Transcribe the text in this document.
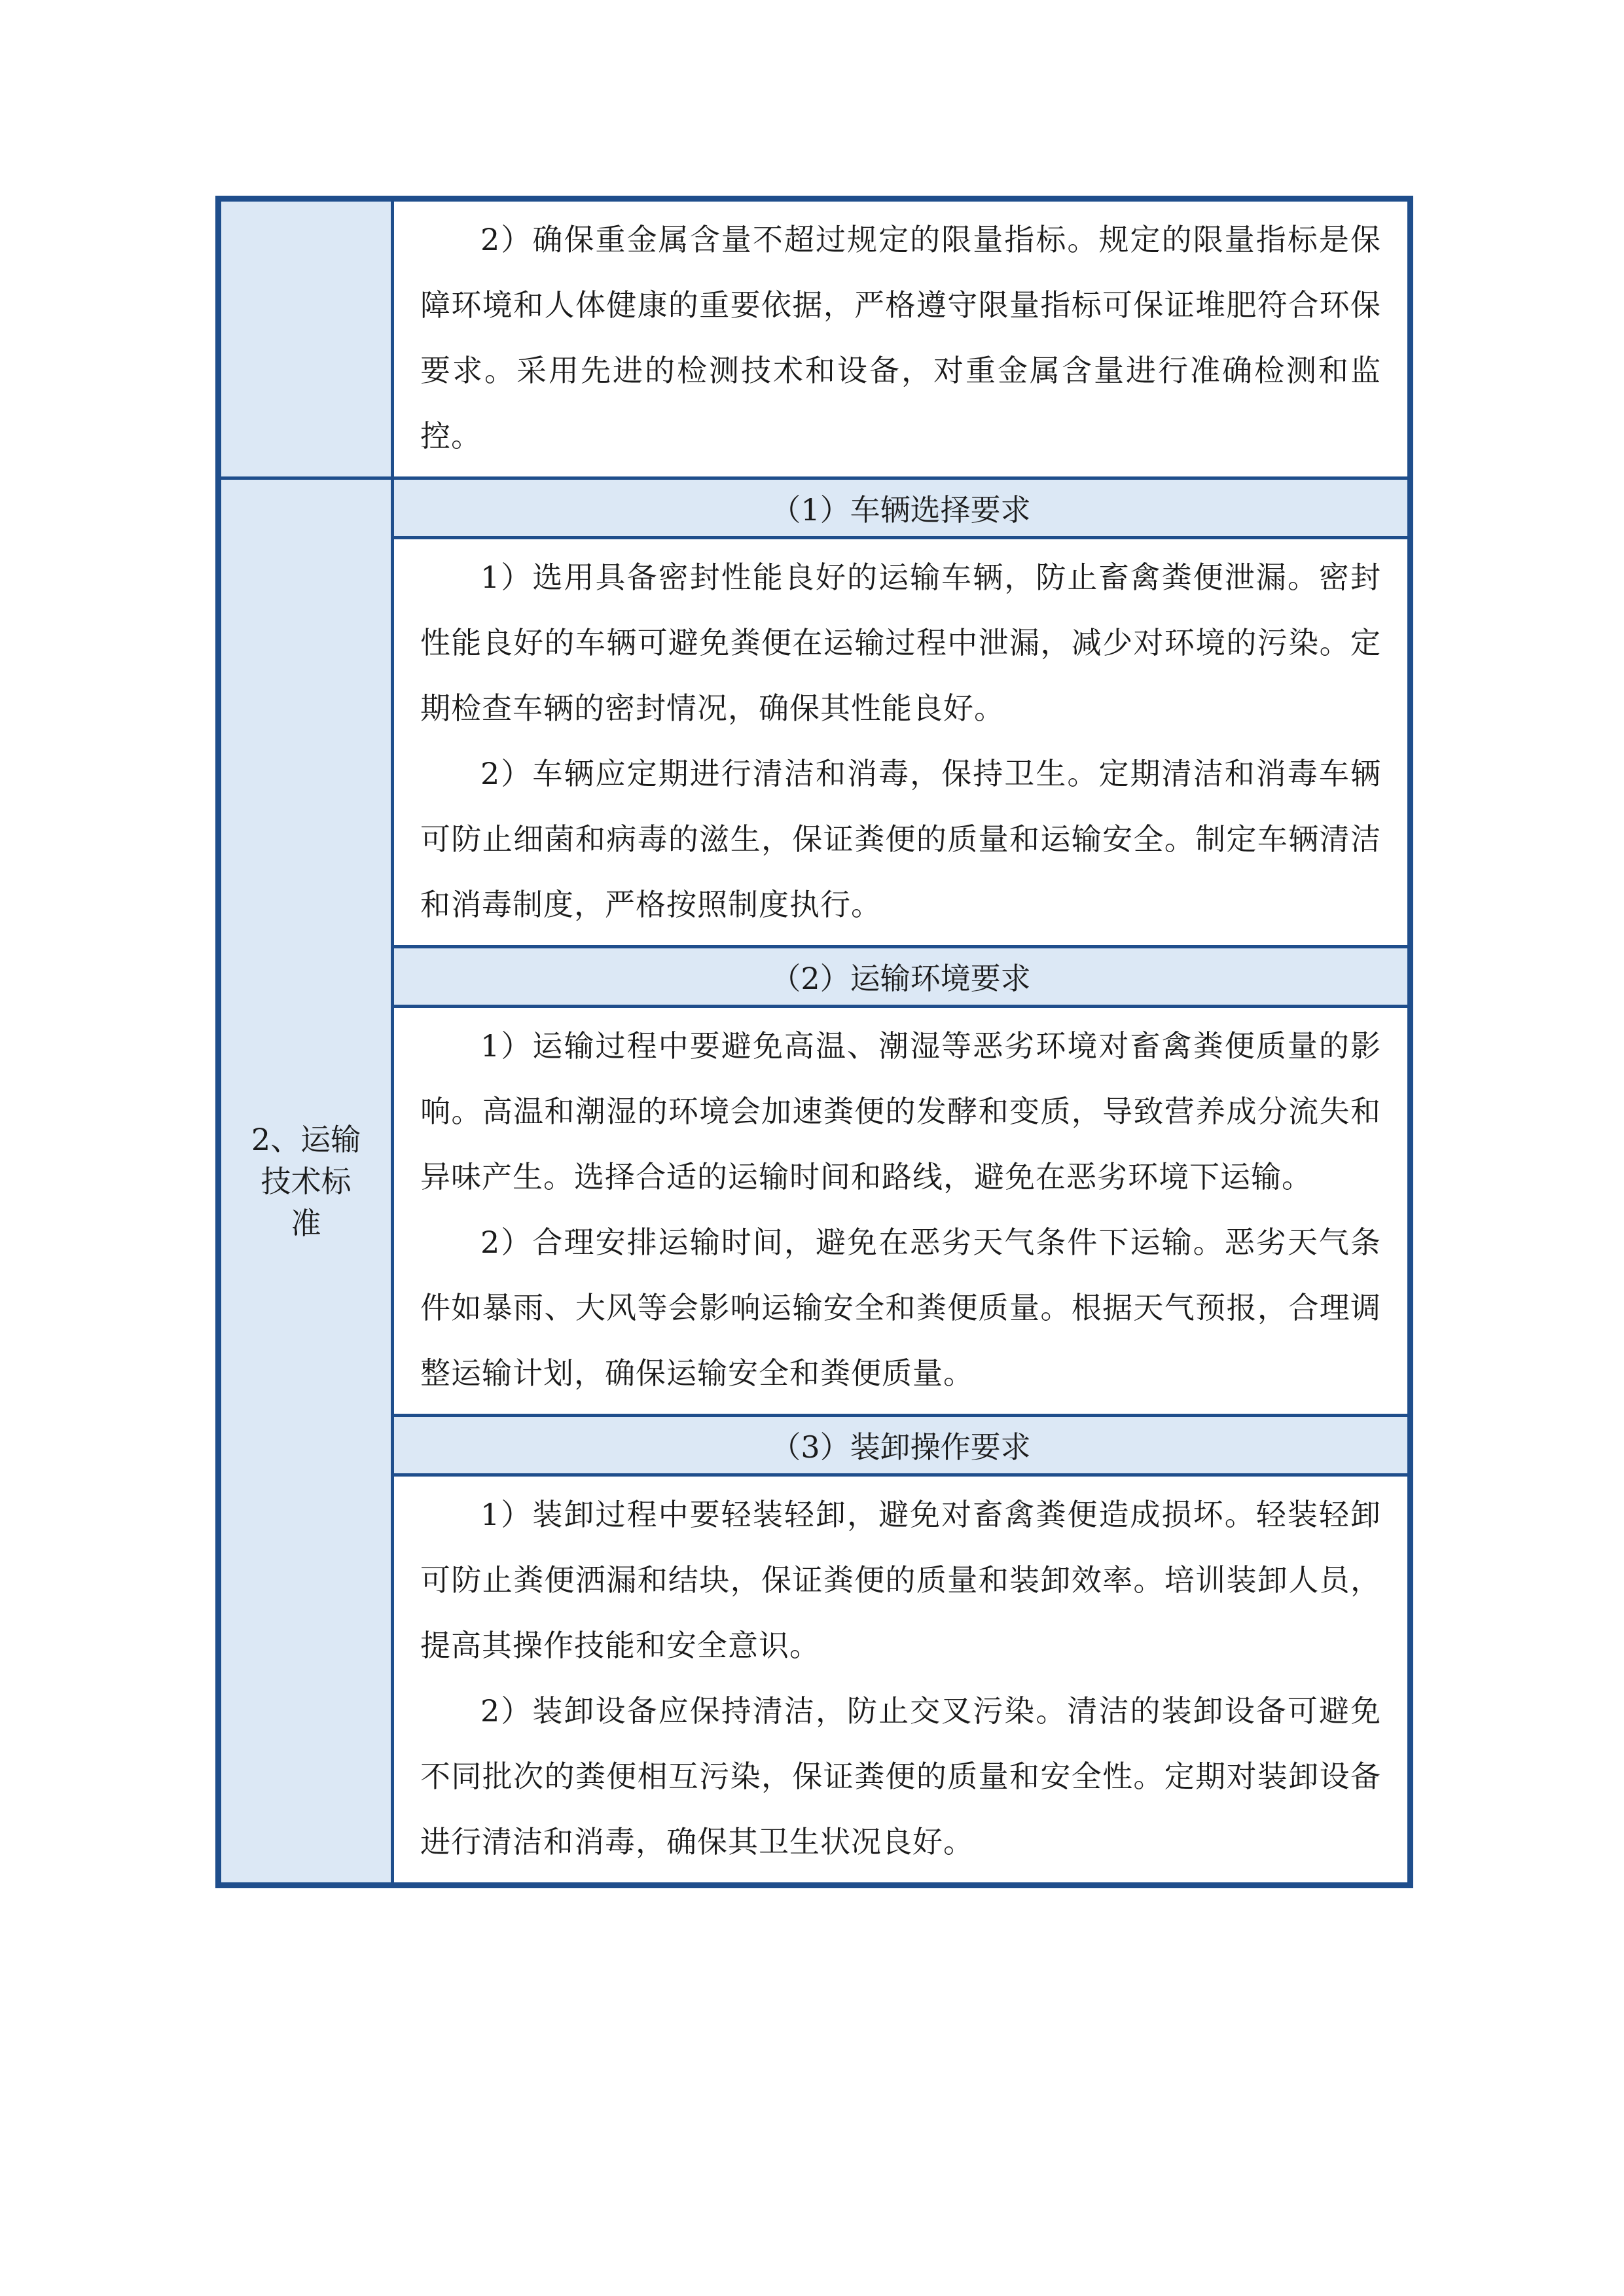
	2）确保重金属含量不超过规定的限量指标。规定的限量指标是保障环境和人体健康的重要依据，严格遵守限量指标可保证堆肥符合环保要求。采用先进的检测技术和设备，对重金属含量进行准确检测和监控。

2、运输技术标准	（1）车辆选择要求

	1）选用具备密封性能良好的运输车辆，防止畜禽粪便泄漏。密封性能良好的车辆可避免粪便在运输过程中泄漏，减少对环境的污染。定期检查车辆的密封情况，确保其性能良好。

2）车辆应定期进行清洁和消毒，保持卫生。定期清洁和消毒车辆可防止细菌和病毒的滋生，保证粪便的质量和运输安全。制定车辆清洁和消毒制度，严格按照制度执行。

	（2）运输环境要求

	1）运输过程中要避免高温、潮湿等恶劣环境对畜禽粪便质量的影响。高温和潮湿的环境会加速粪便的发酵和变质，导致营养成分流失和异味产生。选择合适的运输时间和路线，避免在恶劣环境下运输。

2）合理安排运输时间，避免在恶劣天气条件下运输。恶劣天气条件如暴雨、大风等会影响运输安全和粪便质量。根据天气预报，合理调整运输计划，确保运输安全和粪便质量。

	（3）装卸操作要求

	1）装卸过程中要轻装轻卸，避免对畜禽粪便造成损坏。轻装轻卸可防止粪便洒漏和结块，保证粪便的质量和装卸效率。培训装卸人员，提高其操作技能和安全意识。

2）装卸设备应保持清洁，防止交叉污染。清洁的装卸设备可避免不同批次的粪便相互污染，保证粪便的质量和安全性。定期对装卸设备进行清洁和消毒，确保其卫生状况良好。
